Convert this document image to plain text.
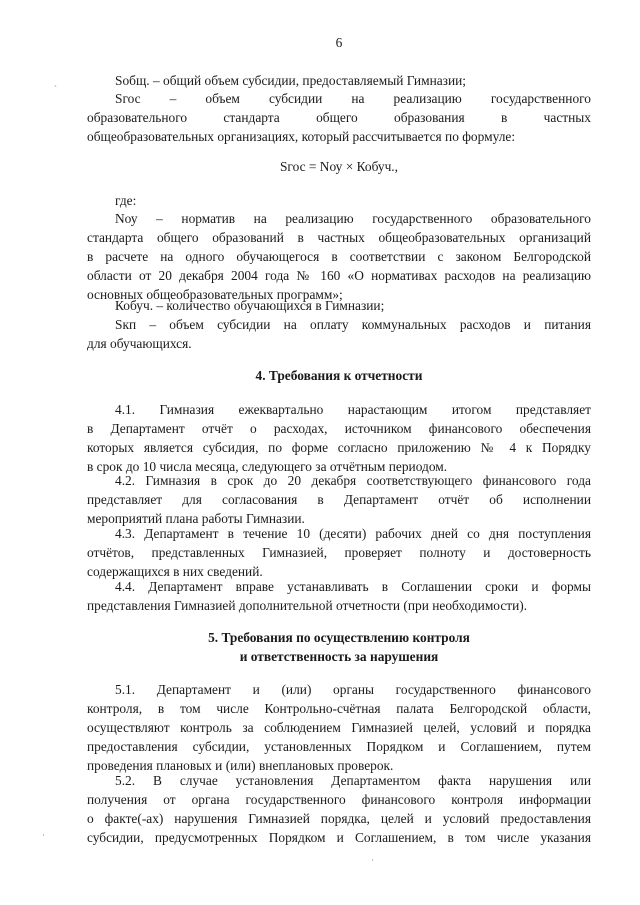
6
Sобщ. – общий объем субсидии, предоставляемый Гимназии;
Sгос – объем субсидии на реализацию государственного
образовательного стандарта общего образования в частных
общеобразовательных организациях, который рассчитывается по формуле:
Sгос = Nоу × Кобуч.,
где:
Nоу – норматив на реализацию государственного образовательного
стандарта общего образований в частных общеобразовательных организаций
в расчете на одного обучающегося в соответствии с законом Белгородской
области от 20 декабря 2004 года № 160 «О нормативах расходов на реализацию
основных общеобразовательных программ»;
Кобуч. – количество обучающихся в Гимназии;
Sкп – объем субсидии на оплату коммунальных расходов и питания
для обучающихся.
4. Требования к отчетности
4.1. Гимназия ежеквартально нарастающим итогом представляет
в Департамент отчёт о расходах, источником финансового обеспечения
которых является субсидия, по форме согласно приложению № 4 к Порядку
в срок до 10 числа месяца, следующего за отчётным периодом.
4.2. Гимназия в срок до 20 декабря соответствующего финансового года
представляет для согласования в Департамент отчёт об исполнении
мероприятий плана работы Гимназии.
4.3. Департамент в течение 10 (десяти) рабочих дней со дня поступления
отчётов, представленных Гимназией, проверяет полноту и достоверность
содержащихся в них сведений.
4.4. Департамент вправе устанавливать в Соглашении сроки и формы
представления Гимназией дополнительной отчетности (при необходимости).
5. Требования по осуществлению контроля
и ответственность за нарушения
5.1. Департамент и (или) органы государственного финансового
контроля, в том числе Контрольно-счётная палата Белгородской области,
осуществляют контроль за соблюдением Гимназией целей, условий и порядка
предоставления субсидии, установленных Порядком и Соглашением, путем
проведения плановых и (или) внеплановых проверок.
5.2. В случае установления Департаментом факта нарушения или
получения от органа государственного финансового контроля информации
о факте(-ах) нарушения Гимназией порядка, целей и условий предоставления
субсидии, предусмотренных Порядком и Соглашением, в том числе указания
`
·
·
